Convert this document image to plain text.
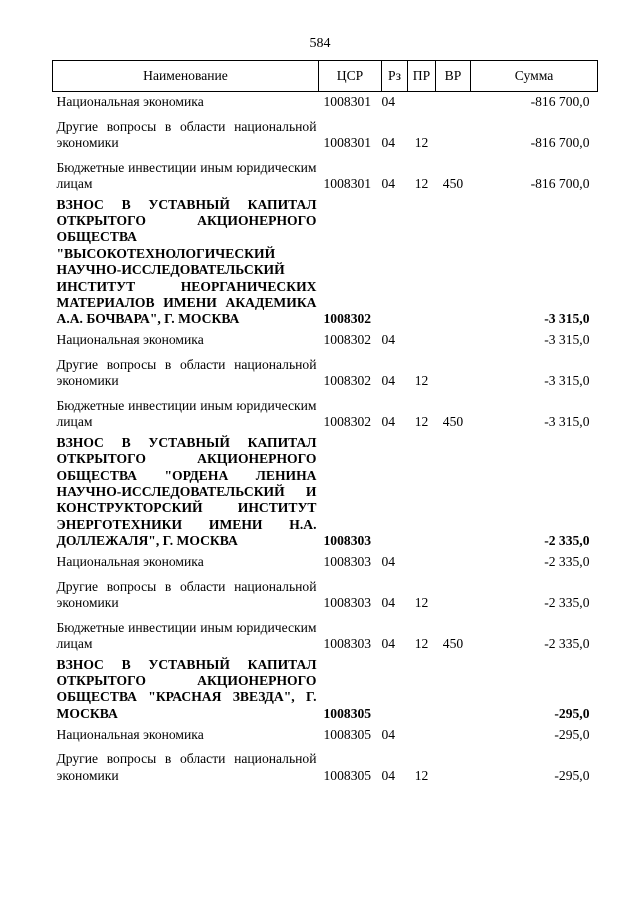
584
Наименование	ЦСР	Рз	ПР	ВР	Сумма
Национальная экономика	1008301	04			-816 700,0
Другие вопросы в области национальной экономики	1008301	04	12		-816 700,0
Бюджетные инвестиции иным юридическим лицам	1008301	04	12	450	-816 700,0
ВЗНОС В УСТАВНЫЙ КАПИТАЛ ОТКРЫТОГО АКЦИОНЕРНОГО ОБЩЕСТВА "ВЫСОКОТЕХНОЛОГИЧЕСКИЙ НАУЧНО-ИССЛЕДОВАТЕЛЬСКИЙ ИНСТИТУТ НЕОРГАНИЧЕСКИХ МАТЕРИАЛОВ ИМЕНИ АКАДЕМИКА А.А. БОЧВАРА", Г. МОСКВА	1008302				-3 315,0
Национальная экономика	1008302	04			-3 315,0
Другие вопросы в области национальной экономики	1008302	04	12		-3 315,0
Бюджетные инвестиции иным юридическим лицам	1008302	04	12	450	-3 315,0
ВЗНОС В УСТАВНЫЙ КАПИТАЛ ОТКРЫТОГО АКЦИОНЕРНОГО ОБЩЕСТВА "ОРДЕНА ЛЕНИНА НАУЧНО-ИССЛЕДОВАТЕЛЬСКИЙ И КОНСТРУКТОРСКИЙ ИНСТИТУТ ЭНЕРГОТЕХНИКИ ИМЕНИ Н.А. ДОЛЛЕЖАЛЯ", Г. МОСКВА	1008303				-2 335,0
Национальная экономика	1008303	04			-2 335,0
Другие вопросы в области национальной экономики	1008303	04	12		-2 335,0
Бюджетные инвестиции иным юридическим лицам	1008303	04	12	450	-2 335,0
ВЗНОС В УСТАВНЫЙ КАПИТАЛ ОТКРЫТОГО АКЦИОНЕРНОГО ОБЩЕСТВА "КРАСНАЯ ЗВЕЗДА", Г. МОСКВА	1008305				-295,0
Национальная экономика	1008305	04			-295,0
Другие вопросы в области национальной экономики	1008305	04	12		-295,0
